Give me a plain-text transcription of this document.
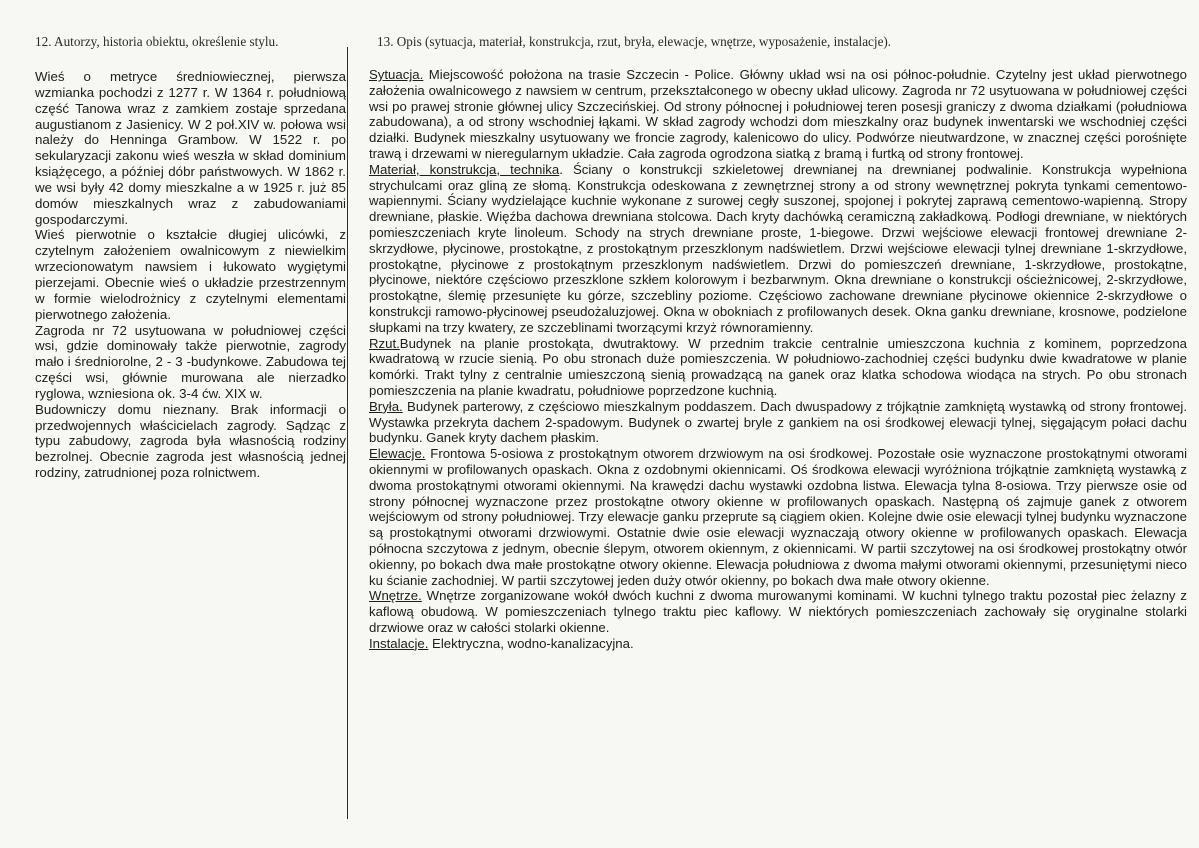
12. Autorzy, historia obiektu, określenie stylu.	13. Opis (sytuacja, materiał, konstrukcja, rzut, bryła, elewacje, wnętrze, wyposażenie, instalacje).

Wieś o metryce średniowiecznej, pierwsza wzmianka pochodzi z 1277 r. W 1364 r. południową część Tanowa wraz z zamkiem zostaje sprzedana augustianom z Jasienicy. W 2 poł.XIV w. połowa wsi należy do Henninga Grambow. W 1522 r. po sekularyzacji zakonu wieś weszła w skład dominium książęcego, a później dóbr państwowych. W 1862 r. we wsi były 42 domy mieszkalne a w 1925 r. już 85 domów mieszkalnych wraz z zabudowaniami gospodarczymi.

Wieś pierwotnie o kształcie długiej ulicówki, z czytelnym założeniem owalnicowym z niewielkim wrzecionowatym nawsiem i łukowato wygiętymi pierzejami. Obecnie wieś o układzie przestrzennym w formie wielodrożnicy z czytelnymi elementami pierwotnego założenia.

Zagroda nr 72 usytuowana w południowej części wsi, gdzie dominowały także pierwotnie, zagrody mało i średniorolne, 2 - 3 -budynkowe. Zabudowa tej części wsi, głównie murowana ale nierzadko ryglowa, wzniesiona ok. 3-4 ćw. XIX w.

Budowniczy domu nieznany. Brak informacji o przedwojennych właścicielach zagrody. Sądząc z typu zabudowy, zagroda była własnością rodziny bezrolnej. Obecnie zagroda jest własnością jednej rodziny, zatrudnionej poza rolnictwem.

Sytuacja. Miejscowość położona na trasie Szczecin - Police. Główny układ wsi na osi północ-południe. Czytelny jest układ pierwotnego założenia owalnicowego z nawsiem w centrum, przekształconego w obecny układ ulicowy. Zagroda nr 72 usytuowana w południowej części wsi po prawej stronie głównej ulicy Szczecińskiej. Od strony północnej i południowej teren posesji graniczy z dwoma działkami (południowa zabudowana), a od strony wschodniej łąkami. W skład zagrody wchodzi dom mieszkalny oraz budynek inwentarski we wschodniej części działki. Budynek mieszkalny usytuowany we froncie zagrody, kalenicowo do ulicy. Podwórze nieutwardzone, w znacznej części porośnięte trawą i drzewami w nieregularnym układzie. Cała zagroda ogrodzona siatką z bramą i furtką od strony frontowej.

Materiał, konstrukcja, technika. Ściany o konstrukcji szkieletowej drewnianej na drewnianej podwalinie. Konstrukcja wypełniona strychulcami oraz gliną ze słomą. Konstrukcja odeskowana z zewnętrznej strony a od strony wewnętrznej pokryta tynkami cementowo-wapiennymi. Ściany wydzielające kuchnie wykonane z surowej cegły suszonej, spojonej i pokrytej zaprawą cementowo-wapienną. Stropy drewniane, płaskie. Więźba dachowa drewniana stolcowa. Dach kryty dachówką ceramiczną zakładkową. Podłogi drewniane, w niektórych pomieszczeniach kryte linoleum. Schody na strych drewniane proste, 1-biegowe. Drzwi wejściowe elewacji frontowej drewniane 2-skrzydłowe, płycinowe, prostokątne, z prostokątnym przeszklonym nadświetlem. Drzwi wejściowe elewacji tylnej drewniane 1-skrzydłowe, prostokątne, płycinowe z prostokątnym przeszklonym nadświetlem. Drzwi do pomieszczeń drewniane, 1-skrzydłowe, prostokątne, płycinowe, niektóre częściowo przeszklone szkłem kolorowym i bezbarwnym. Okna drewniane o konstrukcji ościeżnicowej, 2-skrzydłowe, prostokątne, ślemię przesunięte ku górze, szczebliny poziome. Częściowo zachowane drewniane płycinowe okiennice 2-skrzydłowe o konstrukcji ramowo-płycinowej pseudożaluzjowej. Okna w obokniach z profilowanych desek. Okna ganku drewniane, krosnowe, podzielone słupkami na trzy kwatery, ze szczeblinami tworzącymi krzyż równoramienny.

Rzut.Budynek na planie prostokąta, dwutraktowy. W przednim trakcie centralnie umieszczona kuchnia z kominem, poprzedzona kwadratową w rzucie sienią. Po obu stronach duże pomieszczenia. W południowo-zachodniej części budynku dwie kwadratowe w planie komórki. Trakt tylny z centralnie umieszczoną sienią prowadzącą na ganek oraz klatka schodowa wiodąca na strych. Po obu stronach pomieszczenia na planie kwadratu, południowe poprzedzone kuchnią.

Bryła. Budynek parterowy, z częściowo mieszkalnym poddaszem. Dach dwuspadowy z trójkątnie zamkniętą wystawką od strony frontowej. Wystawka przekryta dachem 2-spadowym. Budynek o zwartej bryle z gankiem na osi środkowej elewacji tylnej, sięgającym połaci dachu budynku. Ganek kryty dachem płaskim.

Elewacje. Frontowa 5-osiowa z prostokątnym otworem drzwiowym na osi środkowej. Pozostałe osie wyznaczone prostokątnymi otworami okiennymi w profilowanych opaskach. Okna z ozdobnymi okiennicami. Oś środkowa elewacji wyróżniona trójkątnie zamkniętą wystawką z dwoma prostokątnymi otworami okiennymi. Na krawędzi dachu wystawki ozdobna listwa. Elewacja tylna 8-osiowa. Trzy pierwsze osie od strony północnej wyznaczone przez prostokątne otwory okienne w profilowanych opaskach. Następną oś zajmuje ganek z otworem wejściowym od strony południowej. Trzy elewacje ganku przeprute są ciągiem okien. Kolejne dwie osie elewacji tylnej budynku wyznaczone są prostokątnymi otworami drzwiowymi. Ostatnie dwie osie elewacji wyznaczają otwory okienne w profilowanych opaskach. Elewacja północna szczytowa z jednym, obecnie ślepym, otworem okiennym, z okiennicami. W partii szczytowej na osi środkowej prostokątny otwór okienny, po bokach dwa małe prostokątne otwory okienne. Elewacja południowa z dwoma małymi otworami okiennymi, przesuniętymi nieco ku ścianie zachodniej. W partii szczytowej jeden duży otwór okienny, po bokach dwa małe otwory okienne.

Wnętrze. Wnętrze zorganizowane wokół dwóch kuchni z dwoma murowanymi kominami. W kuchni tylnego traktu pozostał piec żelazny z kaflową obudową. W pomieszczeniach tylnego traktu piec kaflowy. W niektórych pomieszczeniach zachowały się oryginalne stolarki drzwiowe oraz w całości stolarki okienne.

Instalacje. Elektryczna, wodno-kanalizacyjna.
